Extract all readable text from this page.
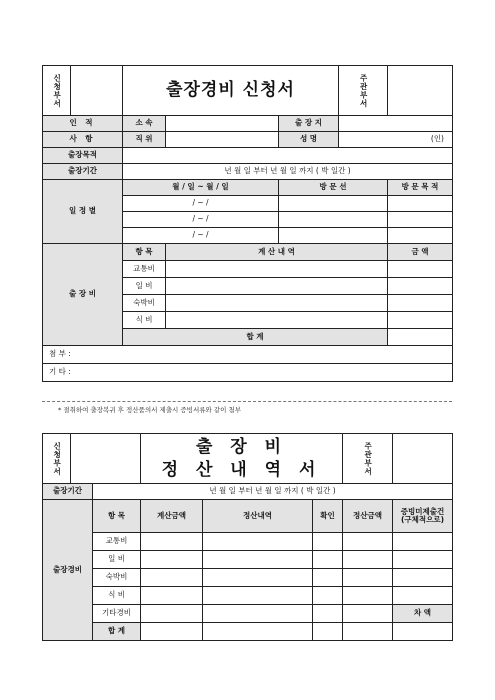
신청부서		출장경비 신청서			주관부서	
인 적		소 속		출 장 지		
사 항		직 위		성 명	(인)	
출장목적						
출장기간		년 월 일 부터 년 월 일 까지 ( 박 일간 )				
일 정 별		월 / 일 ~ 월 / 일		방 문 선		방 문 목 적
		/ ~ /				
		/ ~ /				
		/ ~ /				
출 장 비		항 목	계 산 내 역			금 액
		교통비				
		일 비				
		숙박비				
		식 비				
		합 계				
첨 부 :						
기 타 :						
* 절취하여 출장복귀 후 정산품의서 제출시 증빙서류와 같이 첨부
신청부서			출 장 비
정 산 내 역 서			주관부서	
출장기간		년 월 일 부터 년 월 일 까지 ( 박 일간 )					
출장경비		항 목	계산금액	정산내역	확인	정산금액	증빙미제출건
(구체적으로)

		교통비					
		일 비					
		숙박비					
		식 비					
		기타경비					차 액
		합 계					
